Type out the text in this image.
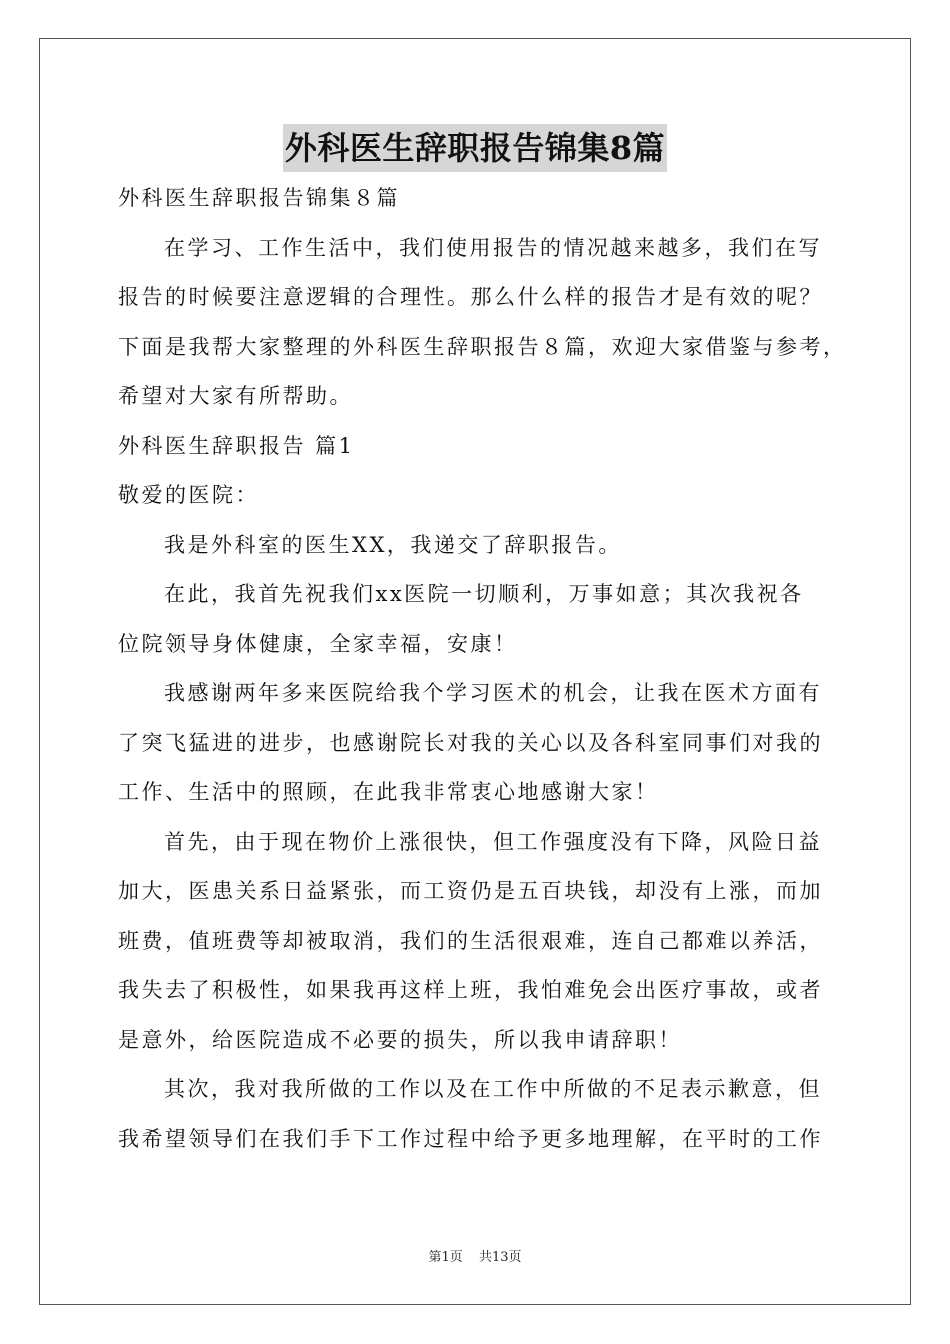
外科医生辞职报告锦集8篇
外科医生辞职报告锦集８篇
在学习、工作生活中，我们使用报告的情况越来越多，我们在写
报告的时候要注意逻辑的合理性。那么什么样的报告才是有效的呢？
下面是我帮大家整理的外科医生辞职报告８篇，欢迎大家借鉴与参考，
希望对大家有所帮助。
外科医生辞职报告 篇1
敬爱的医院：
我是外科室的医生XX，我递交了辞职报告。
在此，我首先祝我们xx医院一切顺利，万事如意；其次我祝各
位院领导身体健康，全家幸福，安康！
我感谢两年多来医院给我个学习医术的机会，让我在医术方面有
了突飞猛进的进步，也感谢院长对我的关心以及各科室同事们对我的
工作、生活中的照顾，在此我非常衷心地感谢大家！
首先，由于现在物价上涨很快，但工作强度没有下降，风险日益
加大，医患关系日益紧张，而工资仍是五百块钱，却没有上涨，而加
班费，值班费等却被取消，我们的生活很艰难，连自己都难以养活，
我失去了积极性，如果我再这样上班，我怕难免会出医疗事故，或者
是意外，给医院造成不必要的损失，所以我申请辞职！
其次，我对我所做的工作以及在工作中所做的不足表示歉意，但
我希望领导们在我们手下工作过程中给予更多地理解，在平时的工作
第1页 共13页
